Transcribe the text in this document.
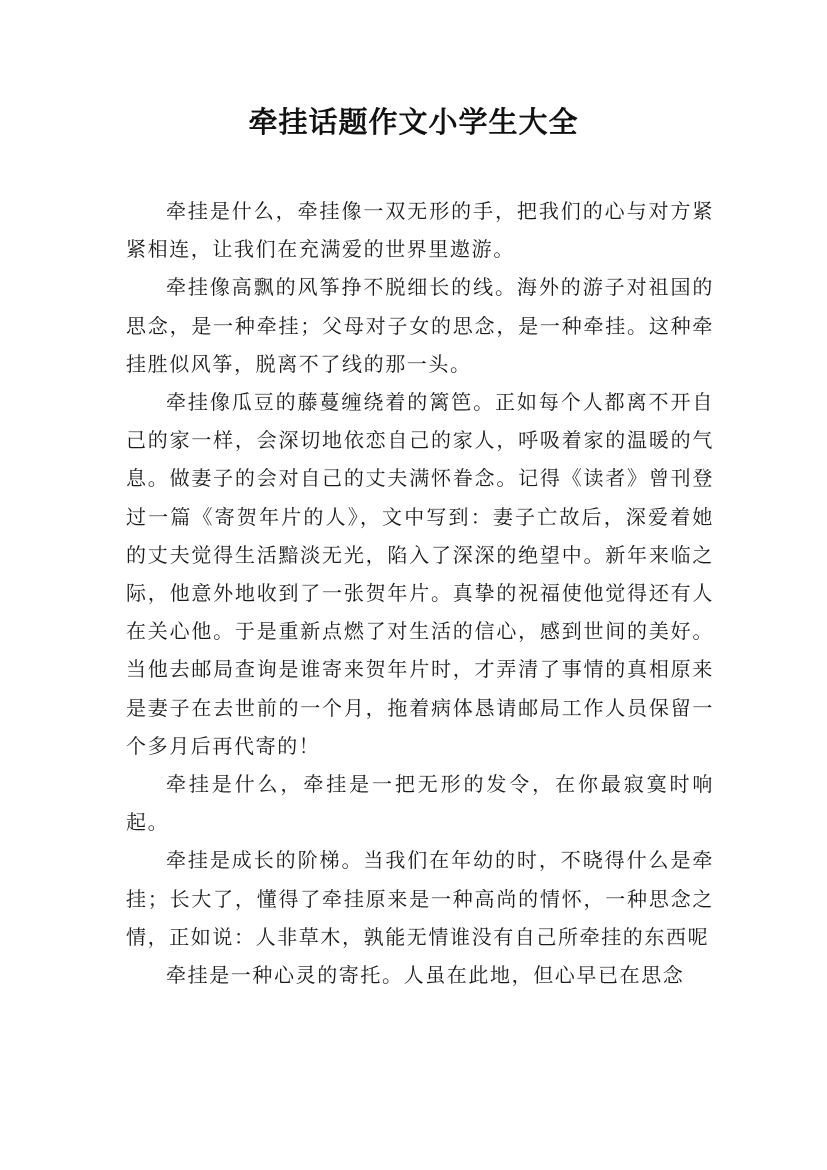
牵挂话题作文小学生大全

牵挂是什么，牵挂像一双无形的手，把我们的心与对方紧紧相连，让我们在充满爱的世界里遨游。

牵挂像高飘的风筝挣不脱细长的线。海外的游子对祖国的思念，是一种牵挂；父母对子女的思念，是一种牵挂。这种牵挂胜似风筝，脱离不了线的那一头。

牵挂像瓜豆的藤蔓缠绕着的篱笆。正如每个人都离不开自己的家一样，会深切地依恋自己的家人，呼吸着家的温暖的气息。做妻子的会对自己的丈夫满怀眷念。记得《读者》曾刊登过一篇《寄贺年片的人》，文中写到：妻子亡故后，深爱着她的丈夫觉得生活黯淡无光，陷入了深深的绝望中。新年来临之际，他意外地收到了一张贺年片。真挚的祝福使他觉得还有人在关心他。于是重新点燃了对生活的信心，感到世间的美好。当他去邮局查询是谁寄来贺年片时，才弄清了事情的真相原来是妻子在去世前的一个月，拖着病体恳请邮局工作人员保留一个多月后再代寄的！

牵挂是什么，牵挂是一把无形的发令，在你最寂寞时响起。

牵挂是成长的阶梯。当我们在年幼的时，不晓得什么是牵挂；长大了，懂得了牵挂原来是一种高尚的情怀，一种思念之情，正如说：人非草木，孰能无情谁没有自己所牵挂的东西呢

牵挂是一种心灵的寄托。人虽在此地，但心早已在思念
